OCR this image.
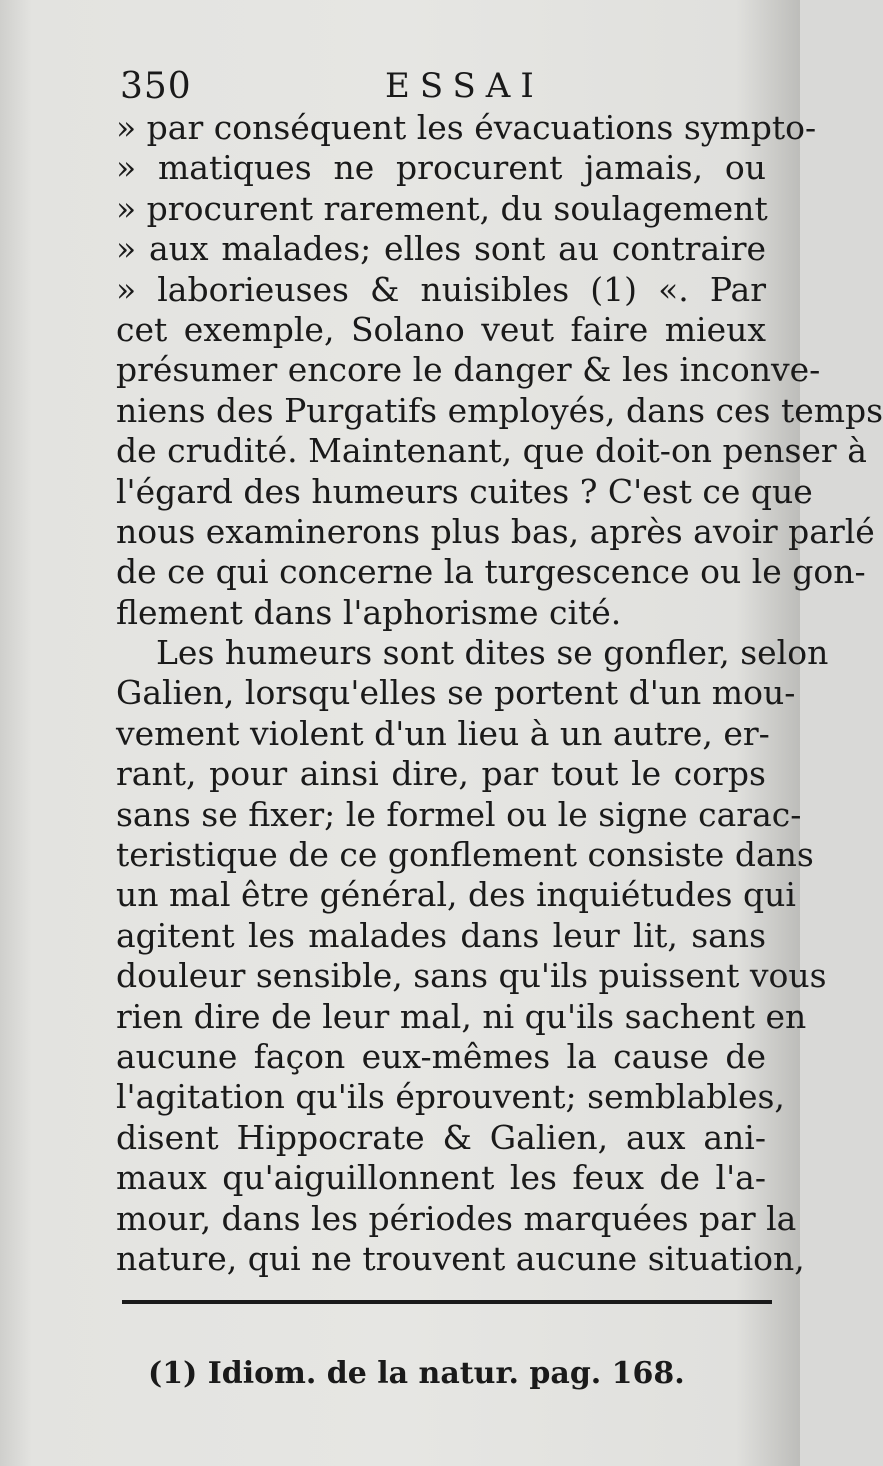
350	ESSAI
» par conséquent les évacuations sympto-
» matiques ne procurent jamais, ou
» procurent rarement, du soulagement
» aux malades; elles sont au contraire
» laborieuses & nuisibles (1) «. Par
cet exemple, Solano veut faire mieux
présumer encore le danger & les inconve-
niens des Purgatifs employés, dans ces temps
de crudité. Maintenant, que doit-on penser à
l'égard des humeurs cuites ? C'est ce que
nous examinerons plus bas, après avoir parlé
de ce qui concerne la turgescence ou le gon-
flement dans l'aphorisme cité.
Les humeurs sont dites se gonfler, selon
Galien, lorsqu'elles se portent d'un mou-
vement violent d'un lieu à un autre, er-
rant, pour ainsi dire, par tout le corps
sans se fixer; le formel ou le signe carac-
teristique de ce gonflement consiste dans
un mal être général, des inquiétudes qui
agitent les malades dans leur lit, sans
douleur sensible, sans qu'ils puissent vous
rien dire de leur mal, ni qu'ils sachent en
aucune façon eux-mêmes la cause de
l'agitation qu'ils éprouvent; semblables,
disent Hippocrate & Galien, aux ani-
maux qu'aiguillonnent les feux de l'a-
mour, dans les périodes marquées par la
nature, qui ne trouvent aucune situation,
(1) Idiom. de la natur. pag. 168.
